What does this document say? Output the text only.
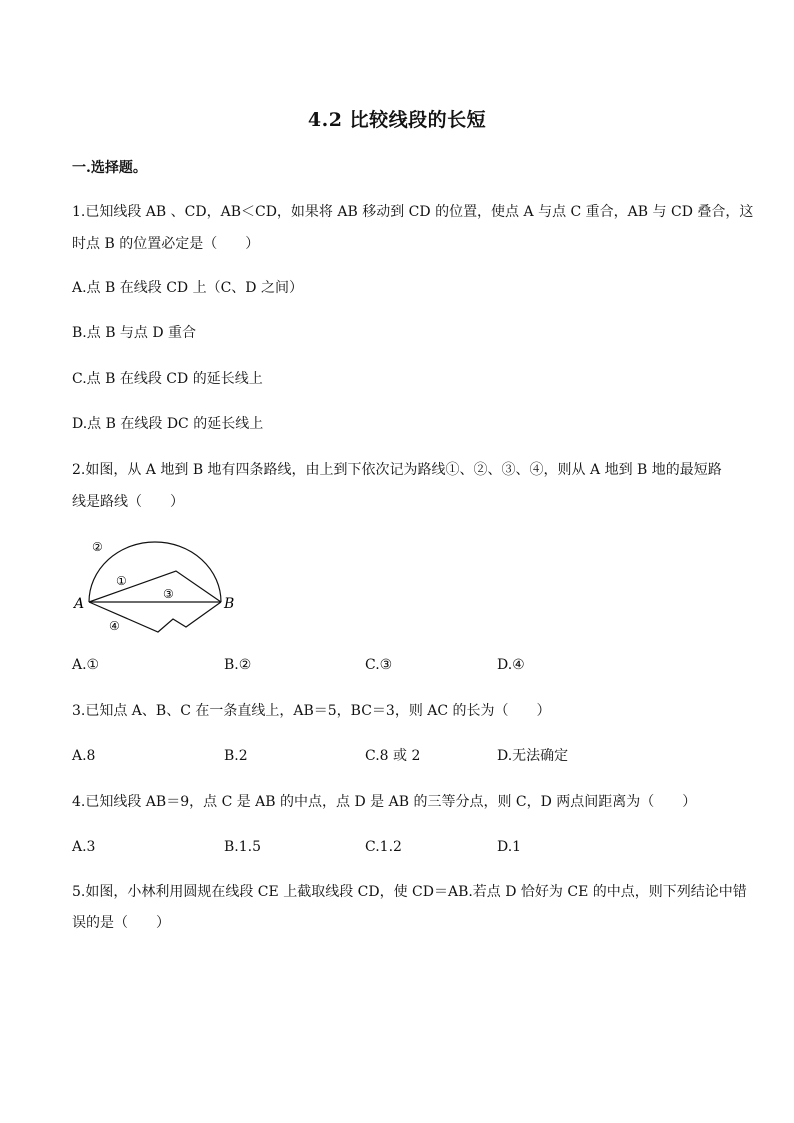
4.2 比较线段的长短
一.选择题。
1.已知线段 AB 、CD，AB＜CD，如果将 AB 移动到 CD 的位置，使点 A 与点 C 重合，AB 与 CD 叠合，这
时点 B 的位置必定是（　　）
A.点 B 在线段 CD 上（C、D 之间）
B.点 B 与点 D 重合
C.点 B 在线段 CD 的延长线上
D.点 B 在线段 DC 的延长线上
2.如图，从 A 地到 B 地有四条路线，由上到下依次记为路线①、②、③、④，则从 A 地到 B 地的最短路
线是路线（　　）
A	B
①
②
③
④
A.①	B.②	C.③	D.④
3.已知点 A、B、C 在一条直线上，AB＝5，BC＝3，则 AC 的长为（　　）
A.8	B.2	C.8 或 2	D.无法确定
4.已知线段 AB＝9，点 C 是 AB 的中点，点 D 是 AB 的三等分点，则 C，D 两点间距离为（　　）
A.3	B.1.5	C.1.2	D.1
5.如图，小林利用圆规在线段 CE 上截取线段 CD，使 CD＝AB.若点 D 恰好为 CE 的中点，则下列结论中错
误的是（　　）
